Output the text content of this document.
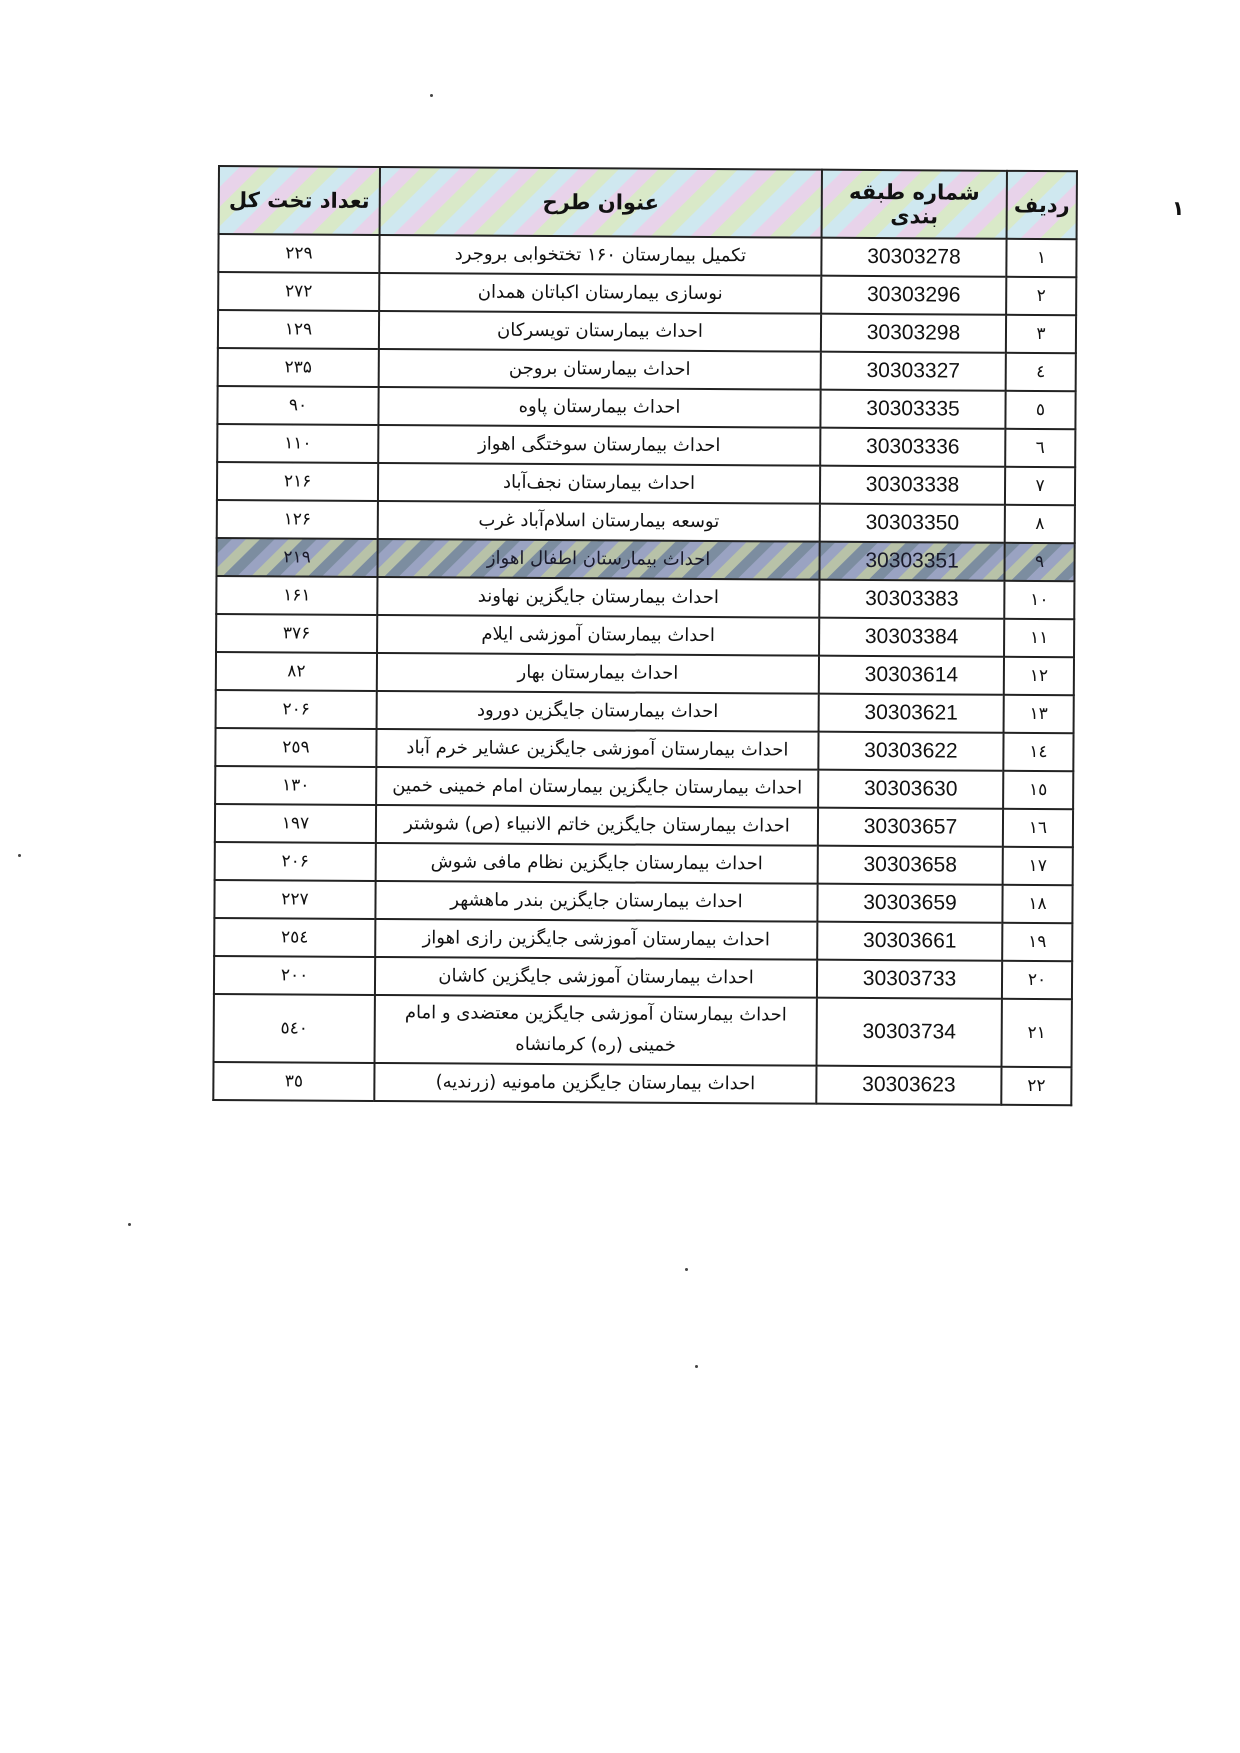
۱
ردیف	شماره طبقه بندی	عنوان طرح	تعداد تخت کل
۱	30303278	تکمیل بیمارستان ۱۶۰ تختخوابی بروجرد	۲۲۹
۲	30303296	نوسازی بیمارستان اکباتان همدان	۲۷۲
۳	30303298	احداث بیمارستان تویسرکان	۱۲۹
٤	30303327	احداث بیمارستان بروجن	۲۳۵
٥	30303335	احداث بیمارستان پاوه	۹۰
٦	30303336	احداث بیمارستان سوختگی اهواز	۱۱۰
۷	30303338	احداث بیمارستان نجف‌آباد	۲۱۶
۸	30303350	توسعه بیمارستان اسلام‌آباد غرب	۱۲۶
۹	30303351	احداث بیمارستان اطفال اهواز	۲۱۹
۱۰	30303383	احداث بیمارستان جایگزین نهاوند	۱۶۱
۱۱	30303384	احداث بیمارستان آموزشی ایلام	۳۷۶
۱۲	30303614	احداث بیمارستان بهار	۸۲
۱۳	30303621	احداث بیمارستان جایگزین دورود	۲۰۶
۱٤	30303622	احداث بیمارستان آموزشی جایگزین عشایر خرم آباد	۲٥۹
۱٥	30303630	احداث بیمارستان جایگزین بیمارستان امام خمینی خمین	۱۳۰
۱٦	30303657	احداث بیمارستان جایگزین خاتم الانبیاء (ص) شوشتر	۱۹۷
۱۷	30303658	احداث بیمارستان جایگزین نظام مافی شوش	۲۰۶
۱۸	30303659	احداث بیمارستان جایگزین بندر ماهشهر	۲۲۷
۱۹	30303661	احداث بیمارستان آموزشی جایگزین رازی اهواز	۲٥٤
۲۰	30303733	احداث بیمارستان آموزشی جایگزین کاشان	۲۰۰
۲۱	30303734	احداث بیمارستان آموزشی جایگزین معتضدی و امام خمینی (ره) کرمانشاه	٥٤۰
۲۲	30303623	احداث بیمارستان جایگزین مامونیه (زرندیه)	۳٥
